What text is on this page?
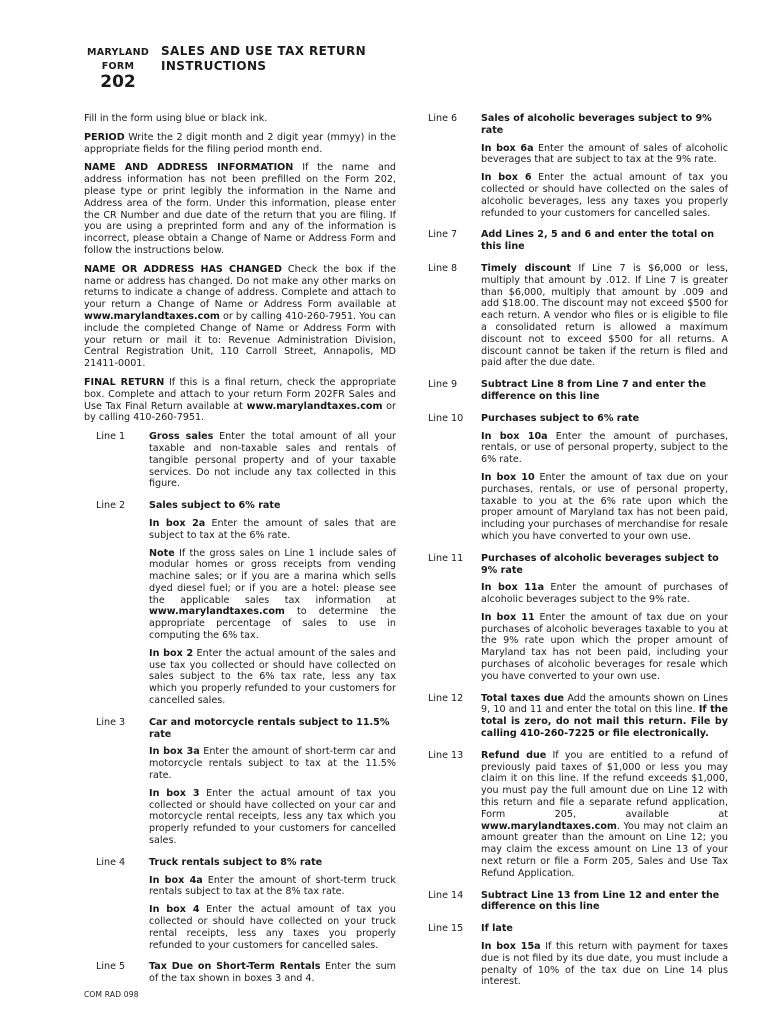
MARYLAND
FORM
202
SALES AND USE TAX RETURN
INSTRUCTIONS

Fill in the form using blue or black ink.

PERIOD Write the 2 digit month and 2 digit year (mmyy) in the appropriate fields for the filing period month end.

NAME AND ADDRESS INFORMATION If the name and address information has not been prefilled on the Form 202, please type or print legibly the information in the Name and Address area of the form. Under this information, please enter the CR Number and due date of the return that you are filing. If you are using a preprinted form and any of the information is incorrect, please obtain a Change of Name or Address Form and follow the instructions below.

NAME OR ADDRESS HAS CHANGED Check the box if the name or address has changed. Do not make any other marks on returns to indicate a change of address. Complete and attach to your return a Change of Name or Address Form available at www.marylandtaxes.com or by calling 410-260-7951. You can include the completed Change of Name or Address Form with your return or mail it to: Revenue Administration Division, Central Registration Unit, 110 Carroll Street, Annapolis, MD 21411-0001.

FINAL RETURN If this is a final return, check the appropriate box. Complete and attach to your return Form 202FR Sales and Use Tax Final Return available at www.marylandtaxes.com or by calling 410-260-7951.

Line 1	Gross sales Enter the total amount of all your taxable and non-taxable sales and rentals of tangible personal property and of your taxable services. Do not include any tax collected in this figure.

Line 2	Sales subject to 6% rate

In box 2a Enter the amount of sales that are subject to tax at the 6% rate.

Note If the gross sales on Line 1 include sales of modular homes or gross receipts from vending machine sales; or if you are a marina which sells dyed diesel fuel; or if you are a hotel: please see the applicable sales tax information at www.marylandtaxes.com to determine the appropriate percentage of sales to use in computing the 6% tax.

In box 2 Enter the actual amount of the sales and use tax you collected or should have collected on sales subject to the 6% tax rate, less any tax which you properly refunded to your customers for cancelled sales.

Line 3	Car and motorcycle rentals subject to 11.5% rate

In box 3a Enter the amount of short-term car and motorcycle rentals subject to tax at the 11.5% rate.

In box 3 Enter the actual amount of tax you collected or should have collected on your car and motorcycle rental receipts, less any tax which you properly refunded to your customers for cancelled sales.

Line 4	Truck rentals subject to 8% rate

In box 4a Enter the amount of short-term truck rentals subject to tax at the 8% tax rate.

In box 4 Enter the actual amount of tax you collected or should have collected on your truck rental receipts, less any taxes you properly refunded to your customers for cancelled sales.

Line 5	Tax Due on Short-Term Rentals Enter the sum of the tax shown in boxes 3 and 4.

Line 6	Sales of alcoholic beverages subject to 9% rate

In box 6a Enter the amount of sales of alcoholic beverages that are subject to tax at the 9% rate.

In box 6 Enter the actual amount of tax you collected or should have collected on the sales of alcoholic beverages, less any taxes you properly refunded to your customers for cancelled sales.

Line 7	Add Lines 2, 5 and 6 and enter the total on this line
Line 8	Timely discount If Line 7 is $6,000 or less, multiply that amount by .012. If Line 7 is greater than $6,000, multiply that amount by .009 and add $18.00. The discount may not exceed $500 for each return. A vendor who files or is eligible to file a consolidated return is allowed a maximum discount not to exceed $500 for all returns. A discount cannot be taken if the return is filed and paid after the due date.

Line 9	Subtract Line 8 from Line 7 and enter the difference on this line
Line 10	Purchases subject to 6% rate

In box 10a Enter the amount of purchases, rentals, or use of personal property, subject to the 6% rate.

In box 10 Enter the amount of tax due on your purchases, rentals, or use of personal property, taxable to you at the 6% rate upon which the proper amount of Maryland tax has not been paid, including your purchases of merchandise for resale which you have converted to your own use.

Line 11	Purchases of alcoholic beverages subject to 9% rate

In box 11a Enter the amount of purchases of alcoholic beverages subject to the 9% rate.

In box 11 Enter the amount of tax due on your purchases of alcoholic beverages taxable to you at the 9% rate upon which the proper amount of Maryland tax has not been paid, including your purchases of alcoholic beverages for resale which you have converted to your own use.

Line 12	Total taxes due Add the amounts shown on Lines 9, 10 and 11 and enter the total on this line. If the total is zero, do not mail this return. File by calling 410-260-7225 or file electronically.

Line 13	Refund due If you are entitled to a refund of previously paid taxes of $1,000 or less you may claim it on this line. If the refund exceeds $1,000, you must pay the full amount due on Line 12 with this return and file a separate refund application, Form 205, available at www.marylandtaxes.com. You may not claim an amount greater than the amount on Line 12; you may claim the excess amount on Line 13 of your next return or file a Form 205, Sales and Use Tax Refund Application.

Line 14	Subtract Line 13 from Line 12 and enter the difference on this line
Line 15	If late

In box 15a If this return with payment for taxes due is not filed by its due date, you must include a penalty of 10% of the tax due on Line 14 plus interest.

COM RAD 098
